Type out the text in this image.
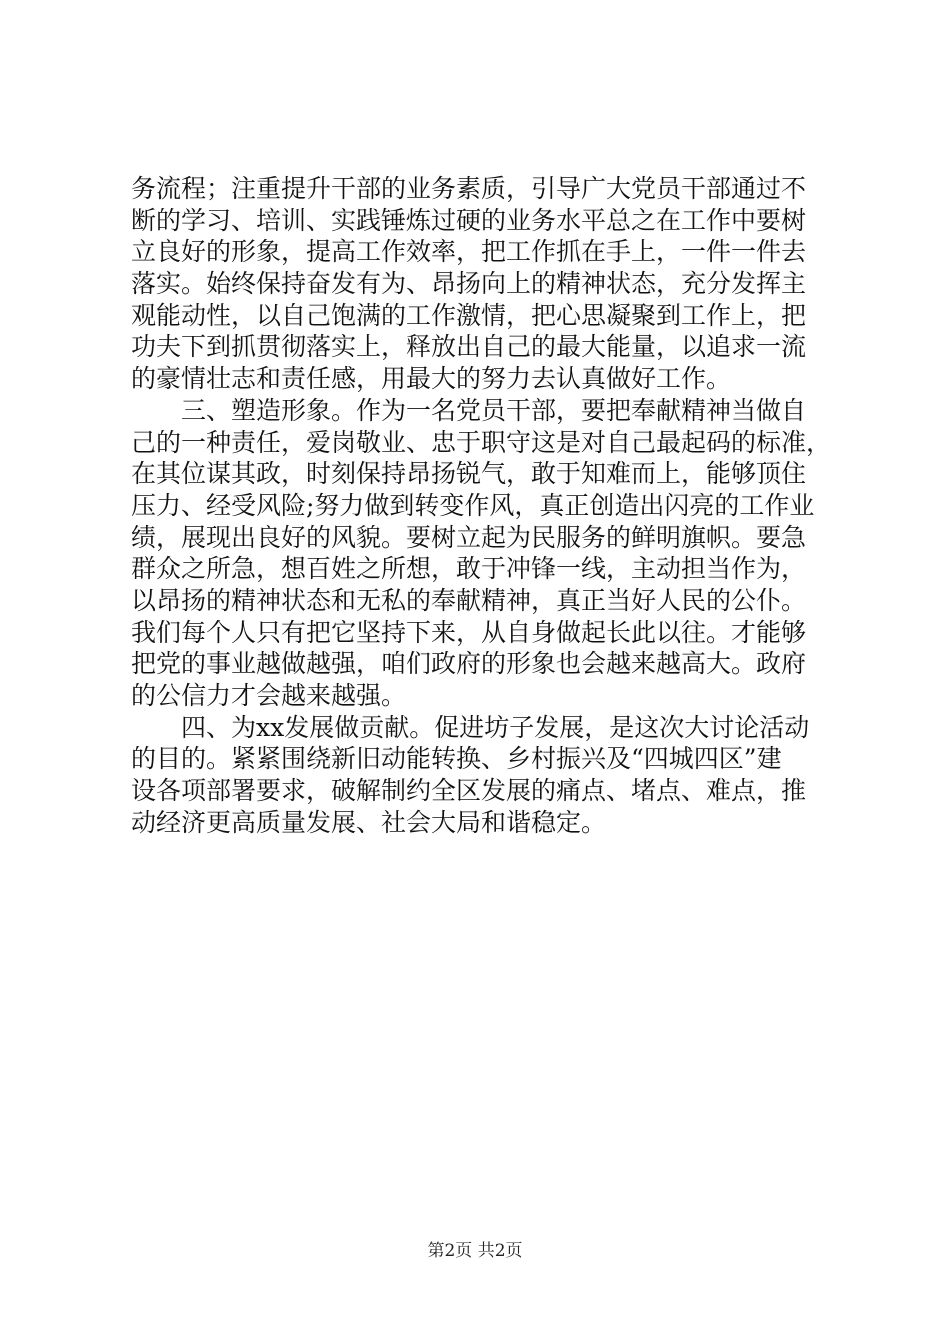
务流程；注重提升干部的业务素质，引导广大党员干部通过不
断的学习、培训、实践锤炼过硬的业务水平总之在工作中要树
立良好的形象，提高工作效率，把工作抓在手上，一件一件去
落实。始终保持奋发有为、昂扬向上的精神状态，充分发挥主
观能动性，以自己饱满的工作激情，把心思凝聚到工作上，把
功夫下到抓贯彻落实上，释放出自己的最大能量，以追求一流
的豪情壮志和责任感，用最大的努力去认真做好工作。
三、塑造形象。作为一名党员干部，要把奉献精神当做自
己的一种责任，爱岗敬业、忠于职守这是对自己最起码的标准，
在其位谋其政，时刻保持昂扬锐气，敢于知难而上，能够顶住
压力、经受风险;努力做到转变作风，真正创造出闪亮的工作业
绩，展现出良好的风貌。要树立起为民服务的鲜明旗帜。要急
群众之所急，想百姓之所想，敢于冲锋一线，主动担当作为，
以昂扬的精神状态和无私的奉献精神，真正当好人民的公仆。
我们每个人只有把它坚持下来，从自身做起长此以往。才能够
把党的事业越做越强，咱们政府的形象也会越来越高大。政府
的公信力才会越来越强。
四、为xx发展做贡献。促进坊子发展，是这次大讨论活动
的目的。紧紧围绕新旧动能转换、乡村振兴及“四城四区”建
设各项部署要求，破解制约全区发展的痛点、堵点、难点，推
动经济更高质量发展、社会大局和谐稳定。
第2页 共2页
